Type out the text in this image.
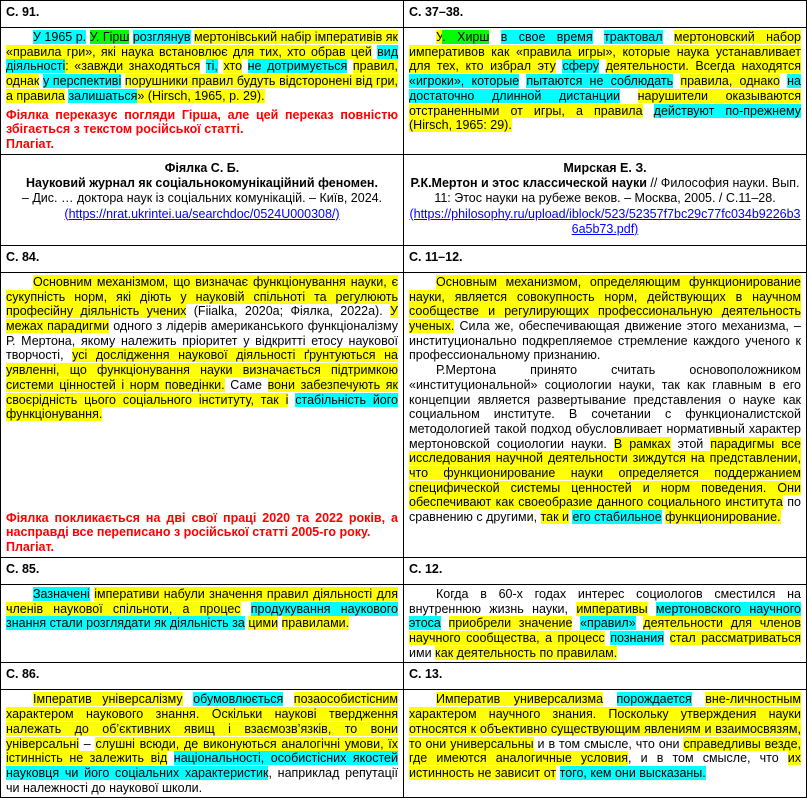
С. 91.	С. 37–38.

У 1965 р. У. Гірш розглянув мертонівський набір імперативів як «правила гри», які наука встановлює для тих, хто обрав цей вид діяльності: «завжди знаходяться ті, хто не дотримується правил, однак у перспективі порушники правил будуть відсторонені від гри, а правила залишаться» (Hirsch, 1965, p. 29).
Фіялка переказує погляди Гірша, але цей переказ повністю збігається з текстом російської статті.
Плагіат.

У. Хирш в свое время трактовал мертоновский набор императивов как «правила игры», которые наука устанавливает для тех, кто избрал эту сферу деятельности. Всегда находятся «игроки», которые пытаются не соблюдать правила, однако на достаточно длинной дистанции нарушители оказываются отстраненными от игры, а правила действуют по-прежнему (Hirsch, 1965: 29).

Фіялка С. Б.
Науковий журнал як соціальнокомунікаційний феномен.
– Дис. … доктора наук із соціальних комунікацій. – Київ, 2024.
(https://nrat.ukrintei.ua/searchdoc/0524U000308/)

Мирская Е. З.
Р.К.Мертон и этос классической науки // Философия науки. Вып. 11: Этос науки на рубеже веков. – Москва, 2005. / С.11–28.
(https://philosophy.ru/upload/iblock/523/52357f7bc29c77fc034b9226b36a5b73.pdf)

С. 84.	С. 11–12.

Основним механізмом, що визначає функціонування науки, є сукупність норм, які діють у науковій спільноті та регулюють професійну діяльність учених (Fiialka, 2020a; Фіялка, 2022a). У межах парадигми одного з лідерів американського функціоналізму Р. Мертона, якому належить пріоритет у відкритті етосу наукової творчості, усі дослідження наукової діяльності ґрунтуються на уявленні, що функціонування науки визначається підтримкою системи цінностей і норм поведінки. Саме вони забезпечують як своєрідність цього соціального інституту, так і стабільність його функціонування.
Фіялка покликається на дві свої праці 2020 та 2022 років, а насправді все переписано з російської статті 2005-го року.
Плагіат.

Основным механизмом, определяющим функционирование науки, является совокупность норм, действующих в научном сообществе и регулирующих профессиональную деятельность ученых. Сила же, обеспечивающая движение этого механизма, – институционально подкрепляемое стремление каждого ученого к профессиональному признанию.
Р.Мертона принято считать основоположником «институциональной» социологии науки, так как главным в его концепции является развертывание представления о науке как социальном институте. В сочетании с функционалистской методологией такой подход обусловливает нормативный характер мертоновской социологии науки. В рамках этой парадигмы все исследования научной деятельности зиждутся на представлении, что функционирование науки определяется поддержанием специфической системы ценностей и норм поведения. Они обеспечивают как своеобразие данного социального института по сравнению с другими, так и его стабильное функционирование.

С. 85.	С. 12.

Зазначені імперативи набули значення правил діяльності для членів наукової спільноти, а процес продукування наукового знання стали розглядати як діяльність за цими правилами.	Когда в 60-х годах интерес социологов сместился на внутреннюю жизнь науки, императивы мертоновского научного этоса приобрели значение «правил» деятельности для членов научного сообщества, а процесс познания стал рассматриваться ими как деятельность по правилам.

С. 86.	С. 13.

Імператив універсалізму обумовлюється позаособистісним характером наукового знання. Оскільки наукові твердження належать до об’єктивних явищ і взаємозв’язків, то вони універсальні – слушні всюди, де виконуються аналогічні умови, їх істинність не залежить від національності, особистісних якостей науковця чи його соціальних характеристик, наприклад репутації чи належності до наукової школи.

Императив универсализма порождается вне-личностным характером научного знания. Поскольку утверждения науки относятся к объективно существующим явлениям и взаимосвязям, то они универсальны и в том смысле, что они справедливы везде, где имеются аналогичные условия, и в том смысле, что их истинность не зависит от того, кем они высказаны.
